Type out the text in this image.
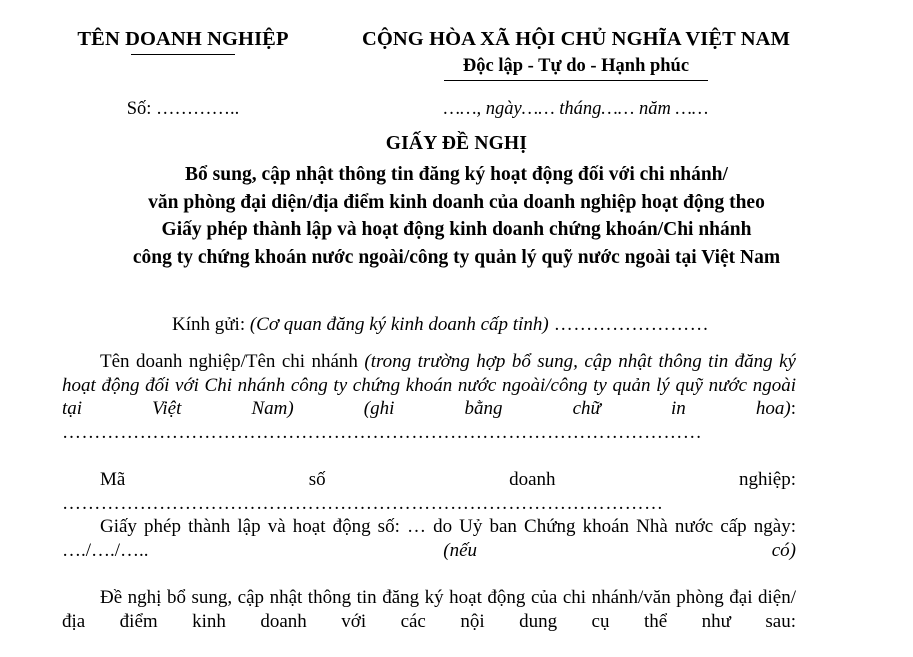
TÊN DOANH NGHIỆP	CỘNG HÒA XÃ HỘI CHỦ NGHĨA VIỆT NAM
Độc lập - Tự do - Hạnh phúc
Số: …………..	……, ngày…… tháng…… năm ……
GIẤY ĐỀ NGHỊ
Bổ sung, cập nhật thông tin đăng ký hoạt động đối với chi nhánh/
văn phòng đại diện/địa điểm kinh doanh của doanh nghiệp hoạt động theo
Giấy phép thành lập và hoạt động kinh doanh chứng khoán/Chi nhánh
công ty chứng khoán nước ngoài/công ty quản lý quỹ nước ngoài tại Việt Nam
Kính gửi: (Cơ quan đăng ký kinh doanh cấp tỉnh) ……………………

Tên doanh nghiệp/Tên chi nhánh (trong trường hợp bổ sung, cập nhật thông tin đăng ký hoạt động đối với Chi nhánh công ty chứng khoán nước ngoài/công ty quản lý quỹ nước ngoài tại Việt Nam) (ghi bằng chữ in hoa): ………………………………………………………………………………………

Mã số doanh nghiệp: …………………………………………………………………………………

Giấy phép thành lập và hoạt động số: … do Uỷ ban Chứng khoán Nhà nước cấp ngày: …./…./….. (nếu có)

Đề nghị bổ sung, cập nhật thông tin đăng ký hoạt động của chi nhánh/văn phòng đại diện/địa điểm kinh doanh với các nội dung cụ thể như sau:
